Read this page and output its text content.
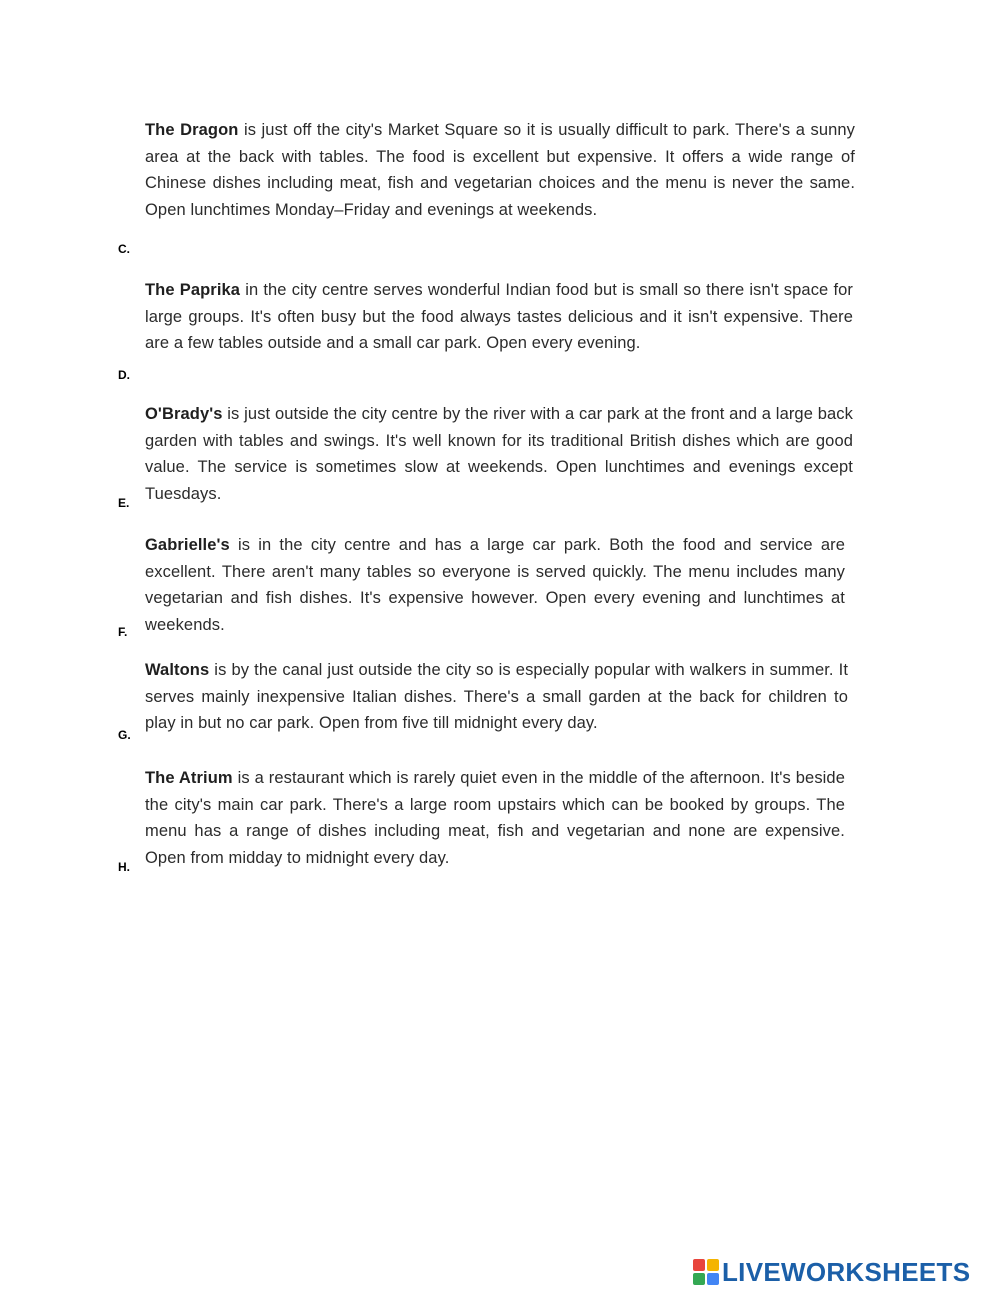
The Dragon is just off the city's Market Square so it is usually difficult to park. There's a sunny area at the back with tables. The food is excellent but expensive. It offers a wide range of Chinese dishes including meat, fish and vegetarian choices and the menu is never the same. Open lunchtimes Monday–Friday and evenings at weekends.
C.
The Paprika in the city centre serves wonderful Indian food but is small so there isn't space for large groups. It's often busy but the food always tastes delicious and it isn't expensive. There are a few tables outside and a small car park. Open every evening.
D.
O'Brady's is just outside the city centre by the river with a car park at the front and a large back garden with tables and swings. It's well known for its traditional British dishes which are good value. The service is sometimes slow at weekends. Open lunchtimes and evenings except Tuesdays.
E.
Gabrielle's is in the city centre and has a large car park. Both the food and service are excellent. There aren't many tables so everyone is served quickly. The menu includes many vegetarian and fish dishes. It's expensive however. Open every evening and lunchtimes at weekends.
F.
Waltons is by the canal just outside the city so is especially popular with walkers in summer. It serves mainly inexpensive Italian dishes. There's a small garden at the back for children to play in but no car park. Open from five till midnight every day.
G.
The Atrium is a restaurant which is rarely quiet even in the middle of the afternoon. It's beside the city's main car park. There's a large room upstairs which can be booked by groups. The menu has a range of dishes including meat, fish and vegetarian and none are expensive. Open from midday to midnight every day.
H.
LIVEWORKSHEETS
